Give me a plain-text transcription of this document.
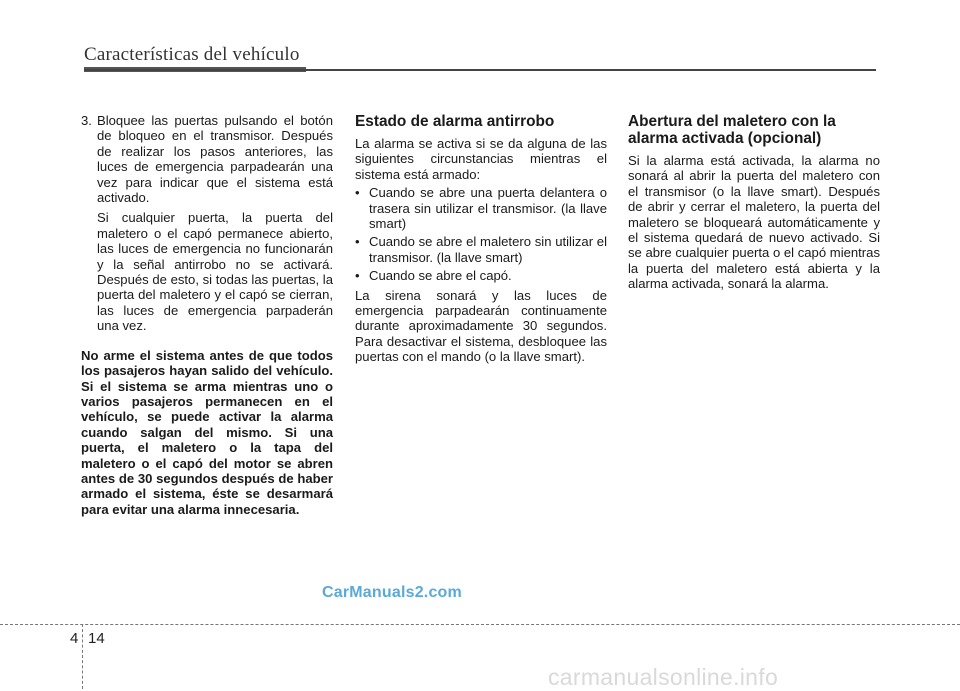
Características del vehículo
3. Bloquee las puertas pulsando el botón de bloqueo en el transmisor. Después de realizar los pasos anteriores, las luces de emergencia parpadearán una vez para indicar que el sistema está activado.

Si cualquier puerta, la puerta del maletero o el capó permanece abierto, las luces de emergencia no funcionarán y la señal antirrobo no se activará. Después de esto, si todas las puertas, la puerta del maletero y el capó se cierran, las luces de emergencia parpaderán una vez.

No arme el sistema antes de que todos los pasajeros hayan salido del vehículo. Si el sistema se arma mientras uno o varios pasajeros permanecen en el vehículo, se puede activar la alarma cuando salgan del mismo. Si una puerta, el maletero o la tapa del maletero o el capó del motor se abren antes de 30 segundos después de haber armado el sistema, éste se desarmará para evitar una alarma innecesaria.

Estado de alarma antirrobo

La alarma se activa si se da alguna de las siguientes circunstancias mientras el sistema está armado:

• Cuando se abre una puerta delantera o trasera sin utilizar el transmisor. (la llave smart)
• Cuando se abre el maletero sin utilizar el transmisor. (la llave smart)
• Cuando se abre el capó.

La sirena sonará y las luces de emergencia parpadearán continuamente durante aproximadamente 30 segundos. Para desactivar el sistema, desbloquee las puertas con el mando (o la llave smart).

Abertura del maletero con la alarma activada (opcional)

Si la alarma está activada, la alarma no sonará al abrir la puerta del maletero con el transmisor (o la llave smart). Después de abrir y cerrar el maletero, la puerta del maletero se bloqueará automáticamente y el sistema quedará de nuevo activado. Si se abre cualquier puerta o el capó mientras la puerta del maletero está abierta y la alarma activada, sonará la alarma.

CarManuals2.com
4 14
carmanualsonline.info
